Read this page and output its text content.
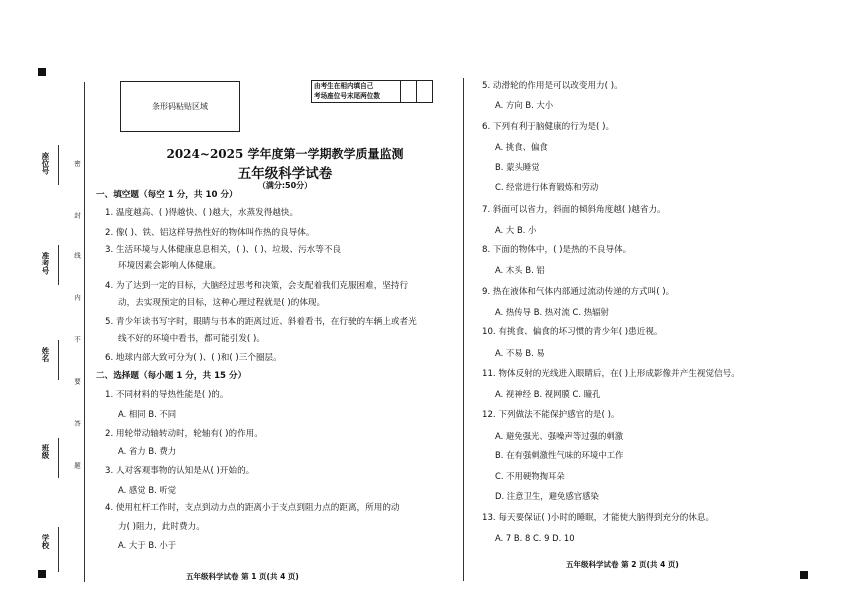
座位号
准考号
姓名
班级
学校
密
封
线
内
不
要
答
题
条形码粘贴区域
由考生在相内填自己
考场座位号末尾两位数
2024~2025 学年度第一学期教学质量监测
五年级科学试卷
（满分:50分）
一、填空题（每空 1 分，共 10 分）
1. 温度越高、( )得越快、( )越大，水蒸发得越快。
2. 像( )、铁、铝这样导热性好的物体叫作热的良导体。
3. 生活环境与人体健康息息相关，( )、( )、垃圾、污水等不良
环境因素会影响人体健康。
4. 为了达到一定的目标，大脑经过思考和决策，会支配着我们克服困难，坚持行
动，去实现预定的目标，这种心理过程就是( )的体现。
5. 青少年读书写字时，眼睛与书本的距离过近、斜着看书，在行驶的车辆上或者光
线不好的环境中看书，都可能引发( )。
6. 地球内部大致可分为( )、( )和( )三个圈层。
二、选择题（每小题 1 分，共 15 分）
1. 不同材料的导热性能是( )的。
A. 相同 B. 不同
2. 用轮带动轴转动时，轮轴有( )的作用。
A. 省力 B. 费力
3. 人对客观事物的认知是从( )开始的。
A. 感觉 B. 听觉
4. 使用杠杆工作时，支点到动力点的距离小于支点到阻力点的距离，所用的动
力( )阻力，此时费力。
A. 大于 B. 小于
5. 动滑轮的作用是可以改变用力( )。
A. 方向 B. 大小
6. 下列有利于脑健康的行为是( )。
A. 挑食、偏食
B. 蒙头睡觉
C. 经常进行体育锻炼和劳动
7. 斜面可以省力，斜面的倾斜角度越( )越省力。
A. 大 B. 小
8. 下面的物体中，( )是热的不良导体。
A. 木头 B. 铝
9. 热在液体和气体内部通过流动传递的方式叫( )。
A. 热传导 B. 热对流 C. 热辐射
10. 有挑食、偏食的坏习惯的青少年( )患近视。
A. 不易 B. 易
11. 物体反射的光线进入眼睛后，在( )上形成影像并产生视觉信号。
A. 视神经 B. 视网膜 C. 瞳孔
12. 下列做法不能保护感官的是( )。
A. 避免强光、强噪声等过强的刺激
B. 在有强刺激性气味的环境中工作
C. 不用硬物掏耳朵
D. 注意卫生，避免感官感染
13. 每天要保证( )小时的睡眠，才能使大脑得到充分的休息。
A. 7 B. 8 C. 9 D. 10
五年级科学试卷 第 1 页(共 4 页)
五年级科学试卷 第 2 页(共 4 页)
